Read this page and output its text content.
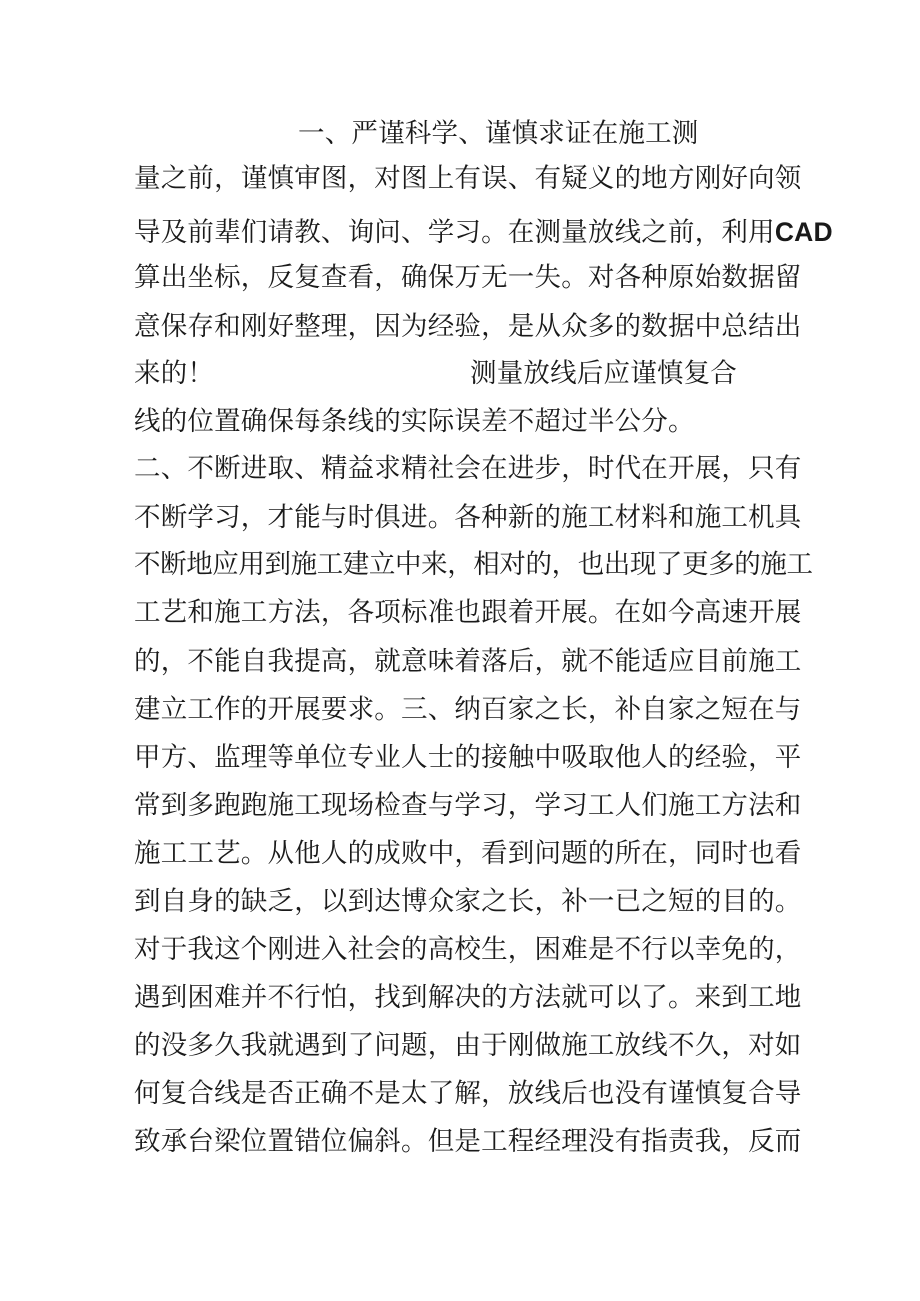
一、严谨科学、谨慎求证在施工测
量之前，谨慎审图，对图上有误、有疑义的地方刚好向领
导及前辈们请教、询问、学习。在测量放线之前，利用CAD
算出坐标，反复查看，确保万无一失。对各种原始数据留
意保存和刚好整理，因为经验，是从众多的数据中总结出
来的！	测量放线后应谨慎复合
线的位置确保每条线的实际误差不超过半公分。
二、不断进取、精益求精社会在进步，时代在开展，只有
不断学习，才能与时俱进。各种新的施工材料和施工机具
不断地应用到施工建立中来，相对的，也出现了更多的施工
工艺和施工方法，各项标准也跟着开展。在如今高速开展
的，不能自我提高，就意味着落后，就不能适应目前施工
建立工作的开展要求。三、纳百家之长，补自家之短在与
甲方、监理等单位专业人士的接触中吸取他人的经验，平
常到多跑跑施工现场检查与学习，学习工人们施工方法和
施工工艺。从他人的成败中，看到问题的所在，同时也看
到自身的缺乏，以到达博众家之长，补一已之短的目的。
对于我这个刚进入社会的高校生，困难是不行以幸免的，
遇到困难并不行怕，找到解决的方法就可以了。来到工地
的没多久我就遇到了问题，由于刚做施工放线不久，对如
何复合线是否正确不是太了解，放线后也没有谨慎复合导
致承台梁位置错位偏斜。但是工程经理没有指责我，反而
